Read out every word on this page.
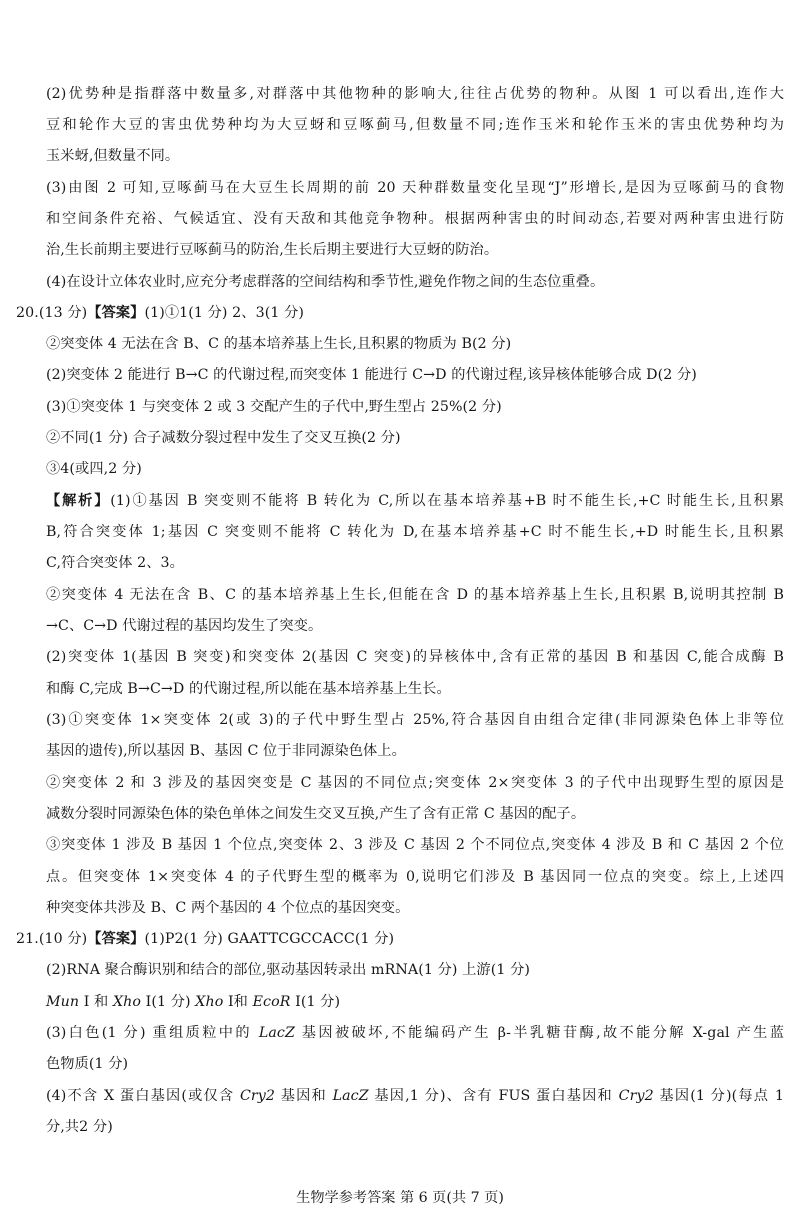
(2)优势种是指群落中数量多,对群落中其他物种的影响大,往往占优势的物种。从图 1 可以看出,连作大
豆和轮作大豆的害虫优势种均为大豆蚜和豆啄蓟马,但数量不同;连作玉米和轮作玉米的害虫优势种均为
玉米蚜,但数量不同。
(3)由图 2 可知,豆啄蓟马在大豆生长周期的前 20 天种群数量变化呈现“J”形增长,是因为豆啄蓟马的食物
和空间条件充裕、气候适宜、没有天敌和其他竞争物种。根据两种害虫的时间动态,若要对两种害虫进行防
治,生长前期主要进行豆啄蓟马的防治,生长后期主要进行大豆蚜的防治。
(4)在设计立体农业时,应充分考虑群落的空间结构和季节性,避免作物之间的生态位重叠。
20.(13 分)【答案】(1)①1(1 分) 2、3(1 分)
②突变体 4 无法在含 B、C 的基本培养基上生长,且积累的物质为 B(2 分)
(2)突变体 2 能进行 B→C 的代谢过程,而突变体 1 能进行 C→D 的代谢过程,该异核体能够合成 D(2 分)
(3)①突变体 1 与突变体 2 或 3 交配产生的子代中,野生型占 25%(2 分)
②不同(1 分) 合子减数分裂过程中发生了交叉互换(2 分)
③4(或四,2 分)
【解析】(1)①基因 B 突变则不能将 B 转化为 C,所以在基本培养基+B 时不能生长,+C 时能生长,且积累
B,符合突变体 1;基因 C 突变则不能将 C 转化为 D,在基本培养基+C 时不能生长,+D 时能生长,且积累
C,符合突变体 2、3。
②突变体 4 无法在含 B、C 的基本培养基上生长,但能在含 D 的基本培养基上生长,且积累 B,说明其控制 B
→C、C→D 代谢过程的基因均发生了突变。
(2)突变体 1(基因 B 突变)和突变体 2(基因 C 突变)的异核体中,含有正常的基因 B 和基因 C,能合成酶 B
和酶 C,完成 B→C→D 的代谢过程,所以能在基本培养基上生长。
(3)①突变体 1×突变体 2(或 3)的子代中野生型占 25%,符合基因自由组合定律(非同源染色体上非等位
基因的遗传),所以基因 B、基因 C 位于非同源染色体上。
②突变体 2 和 3 涉及的基因突变是 C 基因的不同位点;突变体 2×突变体 3 的子代中出现野生型的原因是
减数分裂时同源染色体的染色单体之间发生交叉互换,产生了含有正常 C 基因的配子。
③突变体 1 涉及 B 基因 1 个位点,突变体 2、3 涉及 C 基因 2 个不同位点,突变体 4 涉及 B 和 C 基因 2 个位
点。但突变体 1×突变体 4 的子代野生型的概率为 0,说明它们涉及 B 基因同一位点的突变。综上,上述四
种突变体共涉及 B、C 两个基因的 4 个位点的基因突变。
21.(10 分)【答案】(1)P2(1 分) GAATTCGCCACC(1 分)
(2)RNA 聚合酶识别和结合的部位,驱动基因转录出 mRNA(1 分) 上游(1 分)
Mun Ⅰ 和 Xho Ⅰ(1 分) Xho Ⅰ和 EcoR Ⅰ(1 分)
(3)白色(1 分) 重组质粒中的 LacZ 基因被破坏,不能编码产生 β-半乳糖苷酶,故不能分解 X-gal 产生蓝
色物质(1 分)
(4)不含 X 蛋白基因(或仅含 Cry2 基因和 LacZ 基因,1 分)、含有 FUS 蛋白基因和 Cry2 基因(1 分)(每点 1
分,共2 分)
生物学参考答案 第 6 页(共 7 页)
